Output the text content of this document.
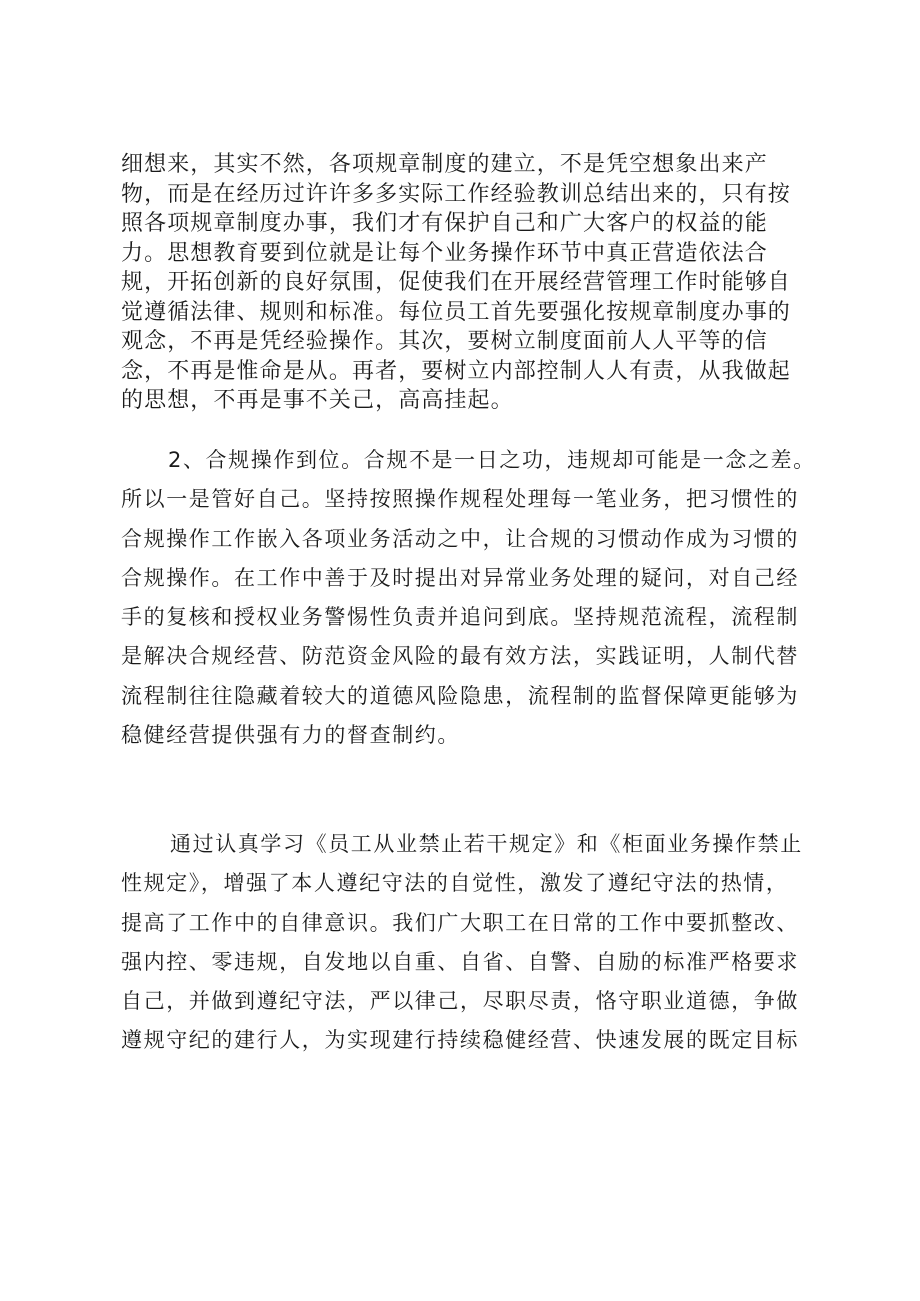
细想来，其实不然，各项规章制度的建立，不是凭空想象出来产
物，而是在经历过许许多多实际工作经验教训总结出来的，只有按
照各项规章制度办事，我们才有保护自己和广大客户的权益的能
力。思想教育要到位就是让每个业务操作环节中真正营造依法合
规，开拓创新的良好氛围，促使我们在开展经营管理工作时能够自
觉遵循法律、规则和标准。每位员工首先要强化按规章制度办事的
观念，不再是凭经验操作。其次，要树立制度面前人人平等的信
念，不再是惟命是从。再者，要树立内部控制人人有责，从我做起
的思想，不再是事不关己，高高挂起。
2、合规操作到位。合规不是一日之功，违规却可能是一念之差。
所以一是管好自己。坚持按照操作规程处理每一笔业务，把习惯性的
合规操作工作嵌入各项业务活动之中，让合规的习惯动作成为习惯的
合规操作。在工作中善于及时提出对异常业务处理的疑问，对自己经
手的复核和授权业务警惕性负责并追问到底。坚持规范流程，流程制
是解决合规经营、防范资金风险的最有效方法，实践证明，人制代替
流程制往往隐藏着较大的道德风险隐患，流程制的监督保障更能够为
稳健经营提供强有力的督查制约。
通过认真学习《员工从业禁止若干规定》和《柜面业务操作禁止
性规定》，增强了本人遵纪守法的自觉性，激发了遵纪守法的热情，
提高了工作中的自律意识。我们广大职工在日常的工作中要抓整改、
强内控、零违规，自发地以自重、自省、自警、自励的标准严格要求
自己，并做到遵纪守法，严以律己，尽职尽责，恪守职业道德，争做
遵规守纪的建行人，为实现建行持续稳健经营、快速发展的既定目标
